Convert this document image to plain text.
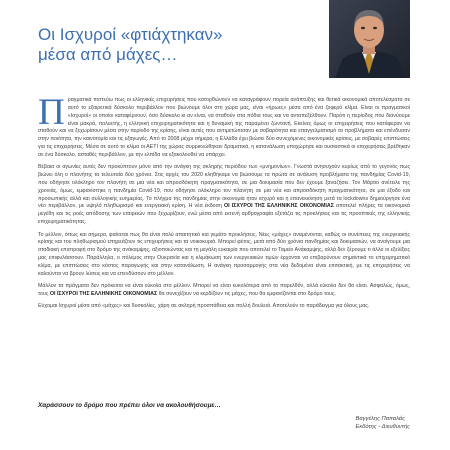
Οι Ισχυροί «φτιάχτηκαν»
μέσα από μάχες…

Πραγματικά πιστεύω πως οι ελληνικές επιχειρήσεις που κατορθώνουν να καταγράφουν πορεία ανάπτυξης και θετικά οικονομικά αποτελέσματα σε αυτό το εξαιρετικά δύσκολο περιβάλλον που βιώνουμε όλοι στη χώρα μας, είναι «ήρωες» μέσα από ένα ζοφερό κλίμα. Είναι οι πραγματικοί «Ισχυροί» οι οποίοι καταφέρνουν, όσο δύσκολο κι αν είναι, να σταθούν στα πόδια τους και να ανταπεξέλθουν. Παρότι η περίοδος που διανύουμε είναι μακρά, πολυετής, η ελληνική επιχειρηματικότητα και η δυναμική της παραμένει ζωντανή. Εκείνες όμως οι επιχειρήσεις που κατάφεραν να σταθούν και να ξεχωρίσουν μέσα στην περίοδο της κρίσης, είναι αυτές που αντιμετώπισαν με σοβαρότητα και επαγγελματισμό τα προβλήματα και επένδυσαν στην ποιότητα, την καινοτομία και τις εξαγωγές. Από το 2008 μέχρι σήμερα, η Ελλάδα έχει βιώσει δύο συνεχόμενες οικονομικές κρίσεις, με σοβαρές επιπτώσεις για τις επιχειρήσεις. Μέσα σε αυτό το κλίμα οι ΑΕΤΙ της χώρας συρρικνώθηκαν δραματικά, η κατανάλωση υποχώρησε και ουσιαστικά οι επιχειρήσεις βρέθηκαν σε ένα δύσκολο, ασταθές περιβάλλον, με την ελπίδα να εξακολουθεί να υπάρχει.

Βέβαια οι αγωνίες αυτές δεν προκύπτουν μόνο από την ανάγκη της σκληρής περιόδου των «μνημονίων». Γνωστά ανησυχούν κυρίως από το γεγονός πως βιώνει όλη ο πλανήτης τα τελευταία δύο χρόνια. Στις αρχές του 2020 κληθήκαμε να βιώσουμε τα πρώτα σε ανάλυση προβλήματα της πανδημίας Covid-19, που οδήγησε ολόκληρο τον πλανήτη σε μια νέα και απροσδόκητη πραγματικότητα, σε μια δοκιμασία που δεν έχουμε ξαναζήσει. Τον Μάρτιο ανέτειλε της χρονιάς, όμως, εμφανίστηκε η πανδημία Covid-19, που οδήγησε ολόκληρο τον πλανήτη σε μια νέα και απροσδόκητη πραγματικότητα, σε μια έξοδο και προσωπικής αλλά και συλλογικής ευημερίας. Το πλήγμα της πανδημίας στην οικονομία ήταν ισχυρό και η επανεκκίνηση μετά τα lockdowns δημιούργησε ένα νέο περιβάλλον, με υψηλό πληθωρισμό και ενεργειακή κρίση. Η νέα έκδοση ΟΙ ΙΣΧΥΡΟΙ ΤΗΣ ΕΛΛΗΝΙΚΗΣ ΟΙΚΟΝΟΜΙΑΣ αποτελεί πλήρες τα οικονομικά μεγέθη και τις ροές απόδοσης των εταιρειών που ξεχωρίζουν, ενώ μέσα από εκτενή αρθρογραφία εξετάζει τις προκλήσεις και τις προοπτικές της ελληνικής επιχειρηματικότητας.

Το μέλλον, όπως και σήμερα, φαίνεται πως θα είναι πολύ απαιτητικό και γεμάτο προκλήσεις. Νέες «μάχες» αναμένονται, καθώς οι συνέπειες της ενεργειακής κρίσης και του πληθωρισμού επηρεάζουν τις επιχειρήσεις και τα νοικοκυριά. Μπορεί φέτος, μετά από δύο χρόνια πανδημίας και δοκιμασιών, να ανοίγουμε μια σταδιακή επιστροφή στο δρόμο της ανάκαμψης, αξιοποιώντας και τη μεγάλη ευκαιρία που αποτελεί το Ταμείο Ανάκαμψης, αλλά δεν ξέρουμε τι άλλο οι εξελίξεις μας επιφυλάσσουν. Παράλληλα, ο πόλεμος στην Ουκρανία και η κλιμάκωση των ενεργειακών τιμών έρχονται να επιβαρύνουν σημαντικά το επιχειρηματικό κλίμα, με επιπτώσεις στο κόστος παραγωγής και στην κατανάλωση. Η ανάγκη προσαρμογής στα νέα δεδομένα είναι επιτακτική, με τις επιχειρήσεις να καλούνται να βρουν λύσεις και να επενδύσουν στο μέλλον.

Μάλλον τα πράγματα δεν πρόκειται να είναι εύκολα στο μέλλον. Μπορεί να είναι ευκολότερα από το παρελθόν, αλλά εύκολα δεν θα είναι. Ασφαλώς, όμως, τους ΟΙ ΙΣΧΥΡΟΙ ΤΗΣ ΕΛΛΗΝΙΚΗΣ ΟΙΚΟΝΟΜΙΑΣ θα συνεχίζουν να κερδίζουν τις μάχες, που θα εμφανίζονται στο δρόμο τους.

Εύχομαι Ισχυροί μέσα από «μάχες» και δυσκολίες, χάρη σε σκληρή προσπάθεια και πολλή δουλειά. Αποτελούν το παράδειγμα για όλους μας.

Χαράσσουν το δρόμο που πρέπει όλοι να ακολουθήσουμε…
Βαγγέλης Παπαλάς
Εκδότης - Διευθυντής
